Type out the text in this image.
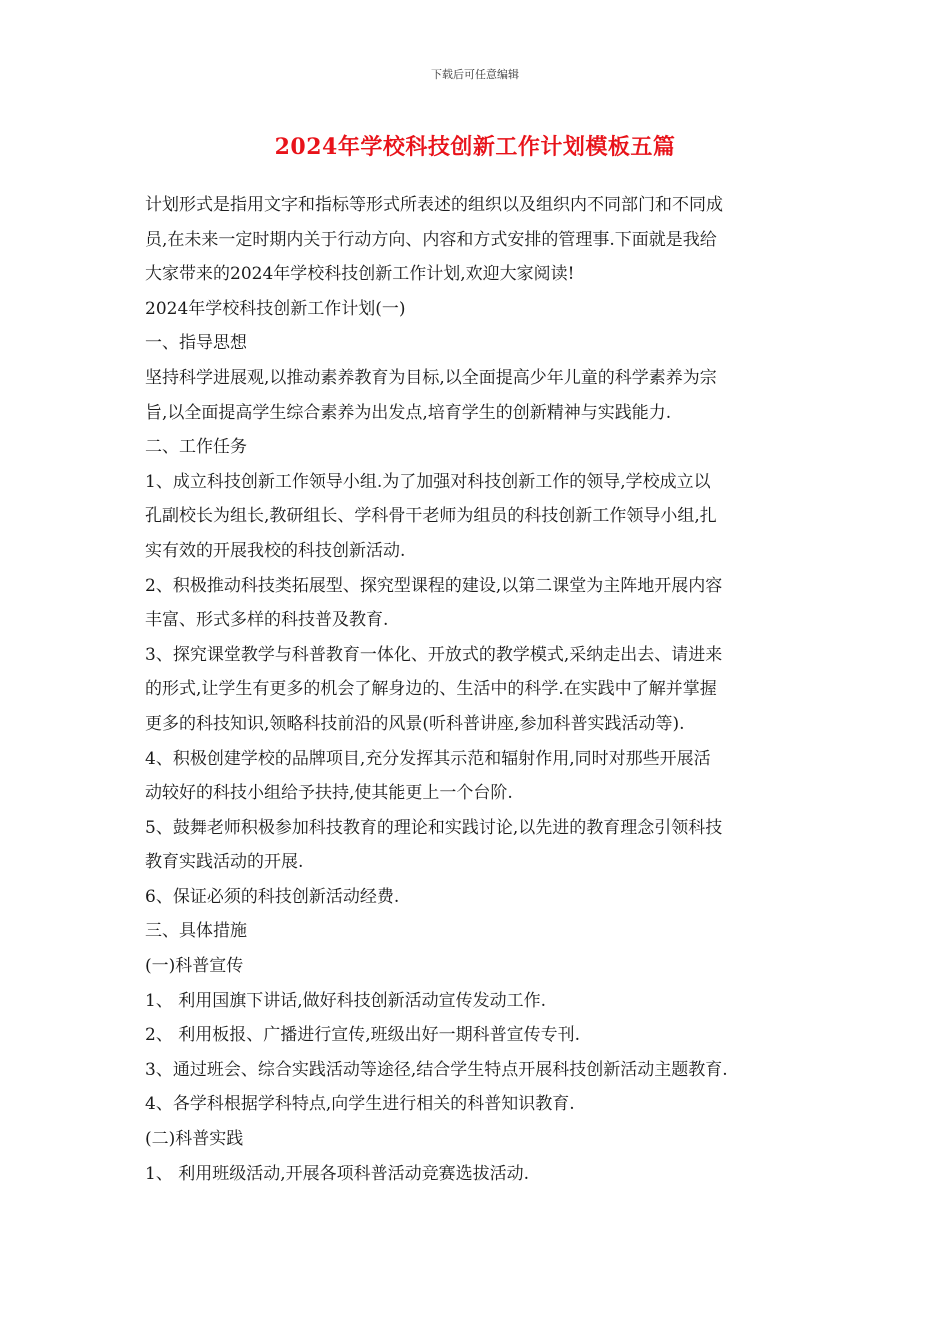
下载后可任意编辑
2024年学校科技创新工作计划模板五篇
计划形式是指用文字和指标等形式所表述的组织以及组织内不同部门和不同成
员,在未来一定时期内关于行动方向、内容和方式安排的管理事.下面就是我给
大家带来的2024年学校科技创新工作计划,欢迎大家阅读!
2024年学校科技创新工作计划(一)
一、指导思想
坚持科学进展观,以推动素养教育为目标,以全面提高少年儿童的科学素养为宗
旨,以全面提高学生综合素养为出发点,培育学生的创新精神与实践能力.
二、工作任务
1、成立科技创新工作领导小组.为了加强对科技创新工作的领导,学校成立以
孔副校长为组长,教研组长、学科骨干老师为组员的科技创新工作领导小组,扎
实有效的开展我校的科技创新活动.
2、积极推动科技类拓展型、探究型课程的建设,以第二课堂为主阵地开展内容
丰富、形式多样的科技普及教育.
3、探究课堂教学与科普教育一体化、开放式的教学模式,采纳走出去、请进来
的形式,让学生有更多的机会了解身边的、生活中的科学.在实践中了解并掌握
更多的科技知识,领略科技前沿的风景(听科普讲座,参加科普实践活动等).
4、积极创建学校的品牌项目,充分发挥其示范和辐射作用,同时对那些开展活
动较好的科技小组给予扶持,使其能更上一个台阶.
5、鼓舞老师积极参加科技教育的理论和实践讨论,以先进的教育理念引领科技
教育实践活动的开展.
6、保证必须的科技创新活动经费.
三、具体措施
(一)科普宣传
1、 利用国旗下讲话,做好科技创新活动宣传发动工作.
2、 利用板报、广播进行宣传,班级出好一期科普宣传专刊.
3、通过班会、综合实践活动等途径,结合学生特点开展科技创新活动主题教育.
4、各学科根据学科特点,向学生进行相关的科普知识教育.
(二)科普实践
1、 利用班级活动,开展各项科普活动竞赛选拔活动.
